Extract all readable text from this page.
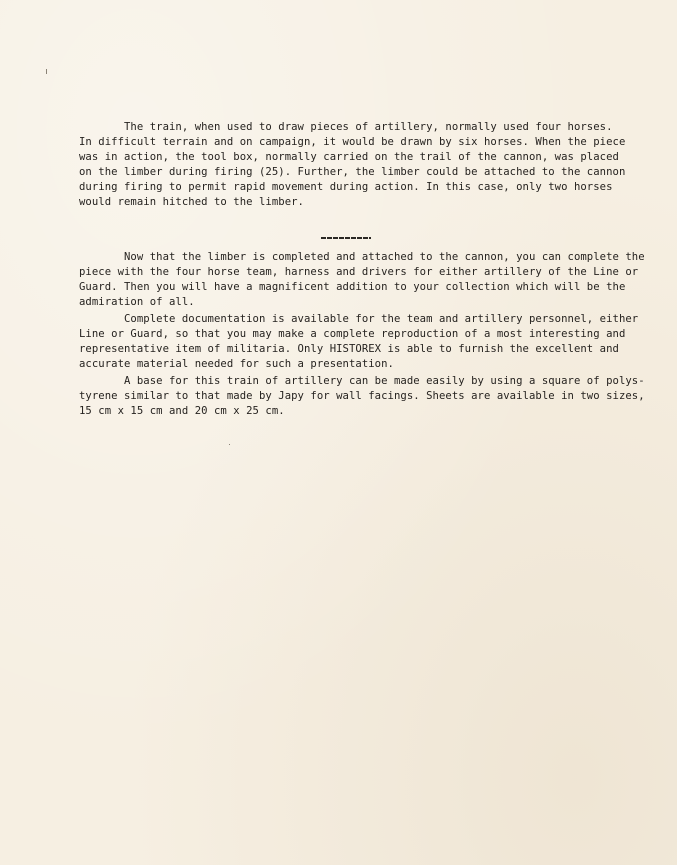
The train, when used to draw pieces of artillery, normally used four horses.
In difficult terrain and on campaign, it would be drawn by six horses. When the piece
was in action, the tool box, normally carried on the trail of the cannon, was placed
on the limber during firing (25). Further, the limber could be attached to the cannon
during firing to permit rapid movement during action. In this case, only two horses
would remain hitched to the limber.
Now that the limber is completed and attached to the cannon, you can complete the
piece with the four horse team, harness and drivers for either artillery of the Line or
Guard. Then you will have a magnificent addition to your collection which will be the
admiration of all.
Complete documentation is available for the team and artillery personnel, either
Line or Guard, so that you may make a complete reproduction of a most interesting and
representative item of militaria. Only HISTOREX is able to furnish the excellent and
accurate material needed for such a presentation.
A base for this train of artillery can be made easily by using a square of polys-
tyrene similar to that made by Japy for wall facings. Sheets are available in two sizes,
15 cm x 15 cm and 20 cm x 25 cm.
